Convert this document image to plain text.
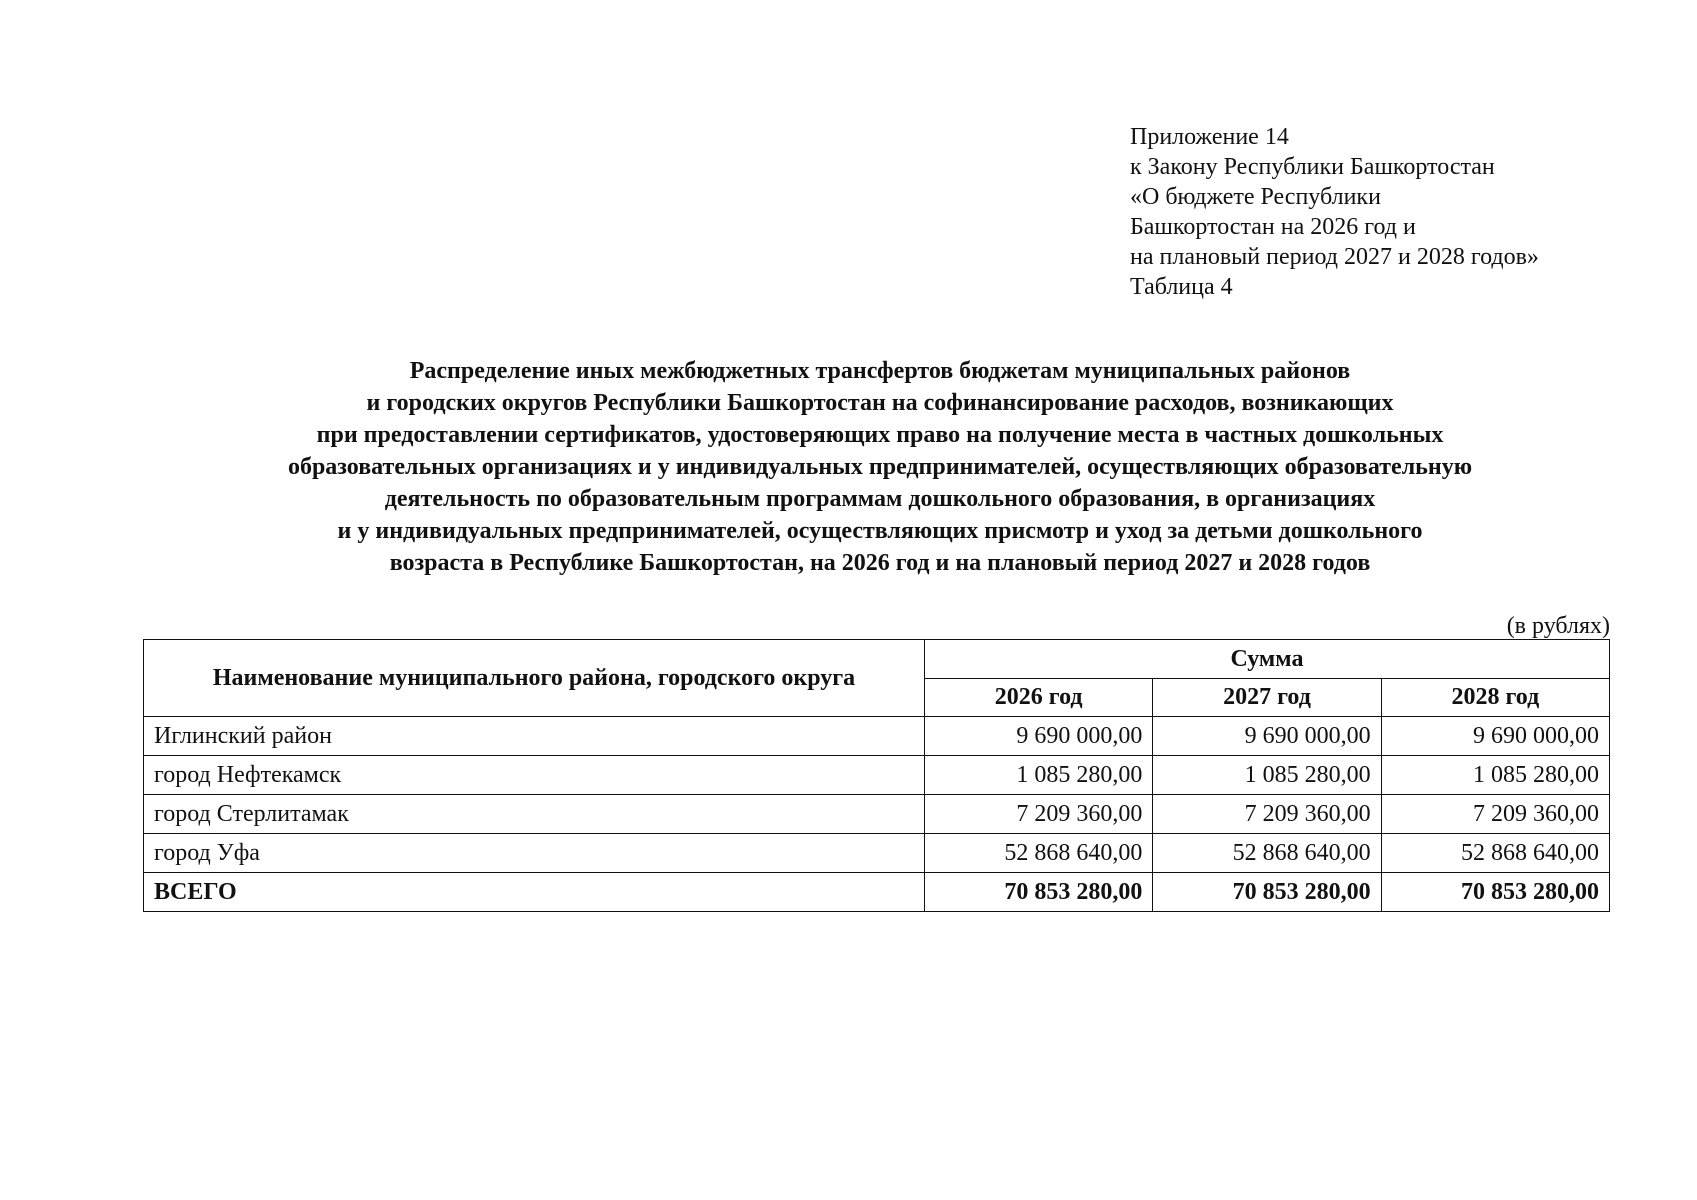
Приложение 14
к Закону Республики Башкортостан
«О бюджете Республики
Башкортостан на 2026 год и
на плановый период 2027 и 2028 годов»
Таблица 4
Распределение иных межбюджетных трансфертов бюджетам муниципальных районов
и городских округов Республики Башкортостан на софинансирование расходов, возникающих
при предоставлении сертификатов, удостоверяющих право на получение места в частных дошкольных
образовательных организациях и у индивидуальных предпринимателей, осуществляющих образовательную
деятельность по образовательным программам дошкольного образования, в организациях
и у индивидуальных предпринимателей, осуществляющих присмотр и уход за детьми дошкольного
возраста в Республике Башкортостан, на 2026 год и на плановый период 2027 и 2028 годов
(в рублях)
Наименование муниципального района, городского округа	Сумма		
	2026 год	2027 год	2028 год
Иглинский район	9 690 000,00	9 690 000,00	9 690 000,00
город Нефтекамск	1 085 280,00	1 085 280,00	1 085 280,00
город Стерлитамак	7 209 360,00	7 209 360,00	7 209 360,00
город Уфа	52 868 640,00	52 868 640,00	52 868 640,00
ВСЕГО	70 853 280,00	70 853 280,00	70 853 280,00
